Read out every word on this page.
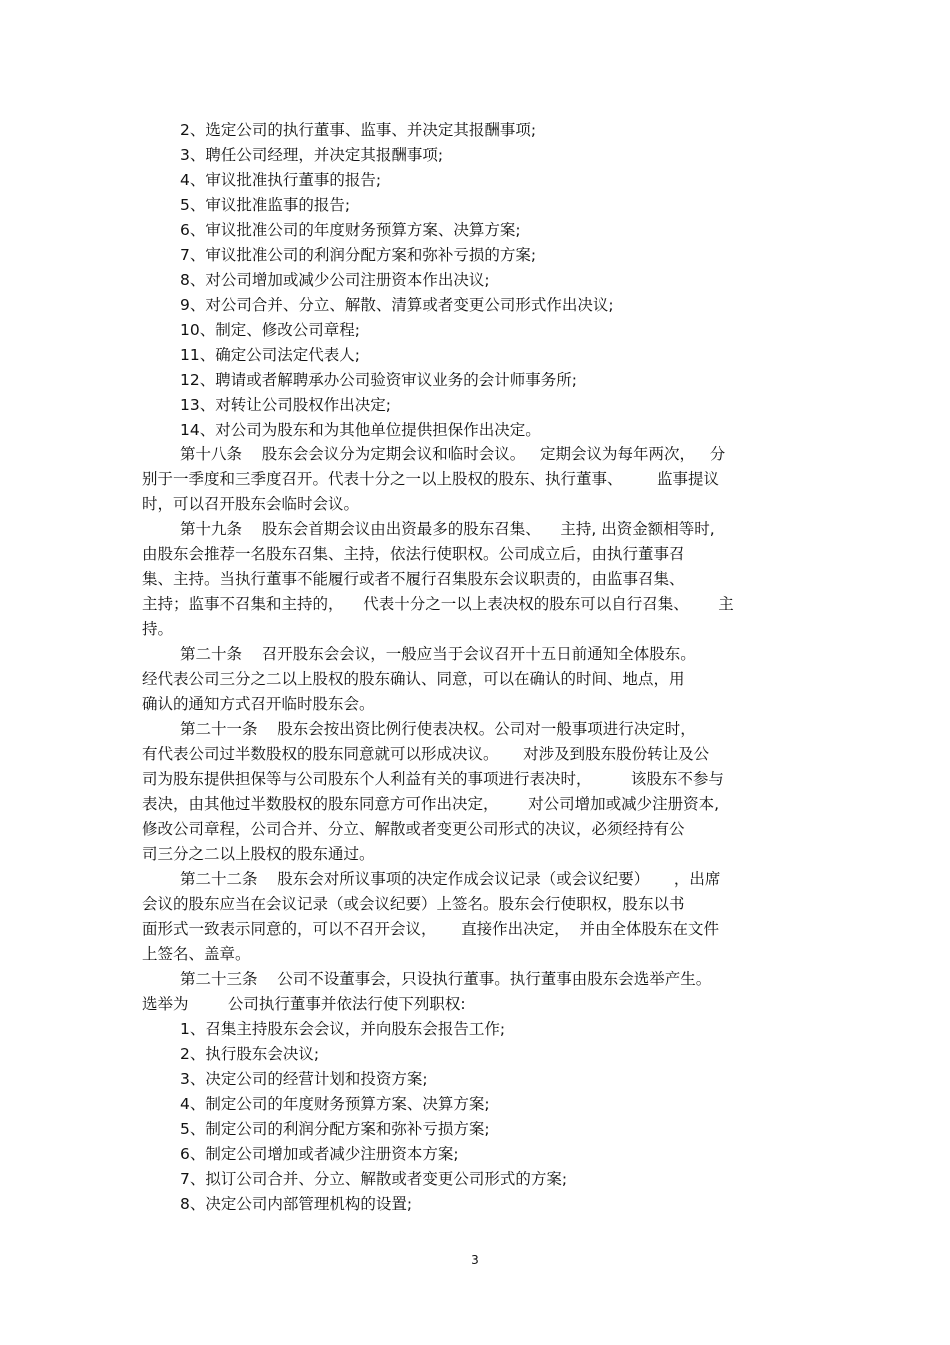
2、选定公司的执行董事、监事、并决定其报酬事项;
3、聘任公司经理，并决定其报酬事项;
4、审议批准执行董事的报告;
5、审议批准监事的报告;
6、审议批准公司的年度财务预算方案、决算方案;
7、审议批准公司的利润分配方案和弥补亏损的方案;
8、对公司增加或减少公司注册资本作出决议;
9、对公司合并、分立、解散、清算或者变更公司形式作出决议;
10、制定、修改公司章程;
11、确定公司法定代表人;
12、聘请或者解聘承办公司验资审议业务的会计师事务所;
13、对转让公司股权作出决定;
14、对公司为股东和为其他单位提供担保作出决定。
第十八条    股东会会议分为定期会议和临时会议。   定期会议为每年两次，   分
别于一季度和三季度召开。代表十分之一以上股权的股东、执行董事、       监事提议
时，可以召开股东会临时会议。
第十九条    股东会首期会议由出资最多的股东召集、    主持, 出资金额相等时,
由股东会推荐一名股东召集、主持，依法行使职权。公司成立后，由执行董事召
集、主持。当执行董事不能履行或者不履行召集股东会议职责的，由监事召集、
主持；监事不召集和主持的，    代表十分之一以上表决权的股东可以自行召集、      主
持。
第二十条    召开股东会会议，一般应当于会议召开十五日前通知全体股东。
经代表公司三分之二以上股权的股东确认、同意，可以在确认的时间、地点，用
确认的通知方式召开临时股东会。
第二十一条    股东会按出资比例行使表决权。公司对一般事项进行决定时，
有代表公司过半数股权的股东同意就可以形成决议。     对涉及到股东股份转让及公
司为股东提供担保等与公司股东个人利益有关的事项进行表决时，        该股东不参与
表决，由其他过半数股权的股东同意方可作出决定，      对公司增加或减少注册资本,
修改公司章程，公司合并、分立、解散或者变更公司形式的决议，必须经持有公
司三分之二以上股权的股东通过。
第二十二条    股东会对所议事项的决定作成会议记录（或会议纪要）     ，出席
会议的股东应当在会议记录（或会议纪要）上签名。股东会行使职权，股东以书
面形式一致表示同意的，可以不召开会议，     直接作出决定，  并由全体股东在文件
上签名、盖章。
第二十三条    公司不设董事会，只设执行董事。执行董事由股东会选举产生。
选举为        公司执行董事并依法行使下列职权:
1、召集主持股东会会议，并向股东会报告工作;
2、执行股东会决议;
3、决定公司的经营计划和投资方案;
4、制定公司的年度财务预算方案、决算方案;
5、制定公司的利润分配方案和弥补亏损方案;
6、制定公司增加或者减少注册资本方案;
7、拟订公司合并、分立、解散或者变更公司形式的方案;
8、决定公司内部管理机构的设置;
3
